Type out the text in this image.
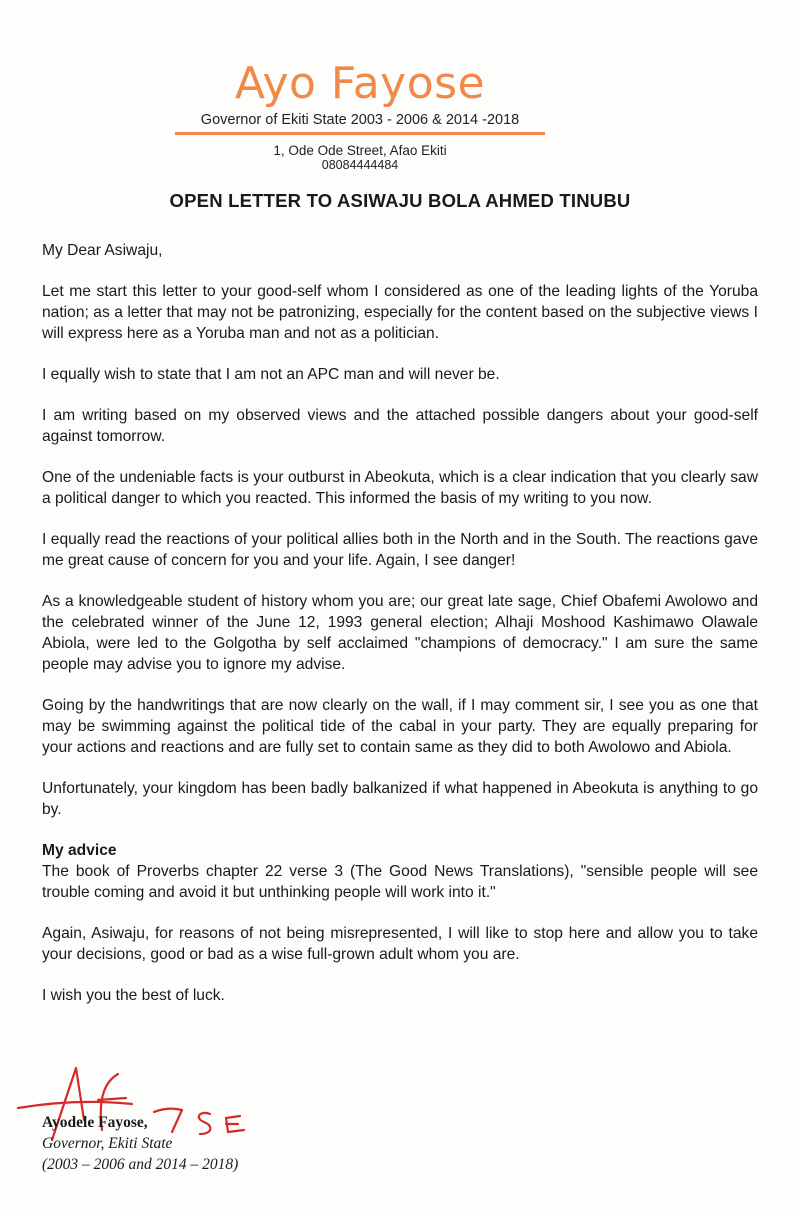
Ayo Fayose
Governor of Ekiti State 2003 - 2006 & 2014 -2018
1, Ode Ode Street, Afao Ekiti
08084444484
OPEN LETTER TO ASIWAJU BOLA AHMED TINUBU

My Dear Asiwaju,

Let me start this letter to your good-self whom I considered as one of the leading lights of the Yoruba nation; as a letter that may not be patronizing, especially for the content based on the subjective views I will express here as a Yoruba man and not as a politician.

I equally wish to state that I am not an APC man and will never be.

I am writing based on my observed views and the attached possible dangers about your good-self against tomorrow.

One of the undeniable facts is your outburst in Abeokuta, which is a clear indication that you clearly saw a political danger to which you reacted. This informed the basis of my writing to you now.

I equally read the reactions of your political allies both in the North and in the South. The reactions gave me great cause of concern for you and your life. Again, I see danger!

As a knowledgeable student of history whom you are; our great late sage, Chief Obafemi Awolowo and the celebrated winner of the June 12, 1993 general election; Alhaji Moshood Kashimawo Olawale Abiola, were led to the Golgotha by self acclaimed "champions of democracy." I am sure the same people may advise you to ignore my advise.

Going by the handwritings that are now clearly on the wall, if I may comment sir, I see you as one that may be swimming against the political tide of the cabal in your party. They are equally preparing for your actions and reactions and are fully set to contain same as they did to both Awolowo and Abiola.

Unfortunately, your kingdom has been badly balkanized if what happened in Abeokuta is anything to go by.

My advice

The book of Proverbs chapter 22 verse 3 (The Good News Translations), "sensible people will see trouble coming and avoid it but unthinking people will work into it."

Again, Asiwaju, for reasons of not being misrepresented, I will like to stop here and allow you to take your decisions, good or bad as a wise full-grown adult whom you are.

I wish you the best of luck.

Ayodele Fayose,
Governor, Ekiti State
(2003 – 2006 and 2014 – 2018)
